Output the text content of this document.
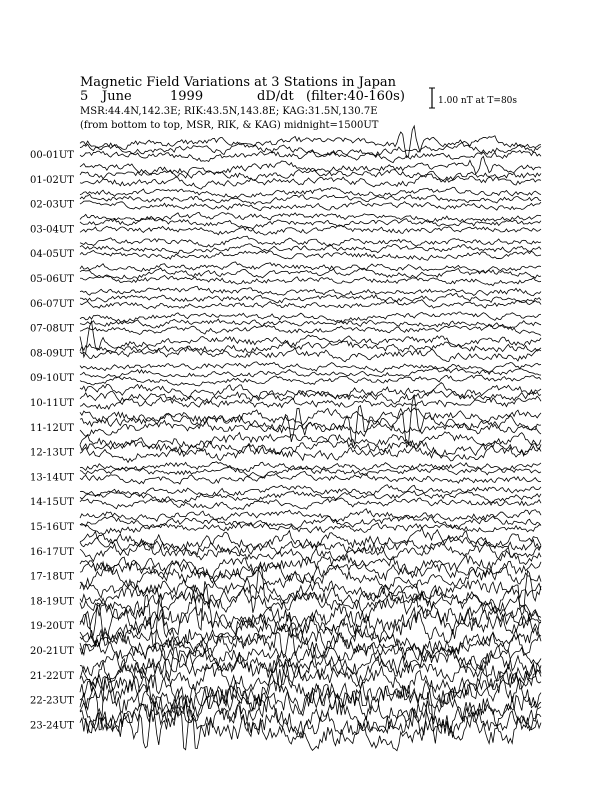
Magnetic Field Variations at 3 Stations in Japan
5 June	1999	dD/dt (filter:40-160s)
MSR:44.4N,142.3E; RIK:43.5N,143.8E; KAG:31.5N,130.7E
(from bottom to top, MSR, RIK, & KAG) midnight=1500UT
1.00 nT at T=80s
00-01UT
01-02UT
02-03UT
03-04UT
04-05UT
05-06UT
06-07UT
07-08UT
08-09UT
09-10UT
10-11UT
11-12UT
12-13UT
13-14UT
14-15UT
15-16UT
16-17UT
17-18UT
18-19UT
19-20UT
20-21UT
21-22UT
22-23UT
23-24UT
